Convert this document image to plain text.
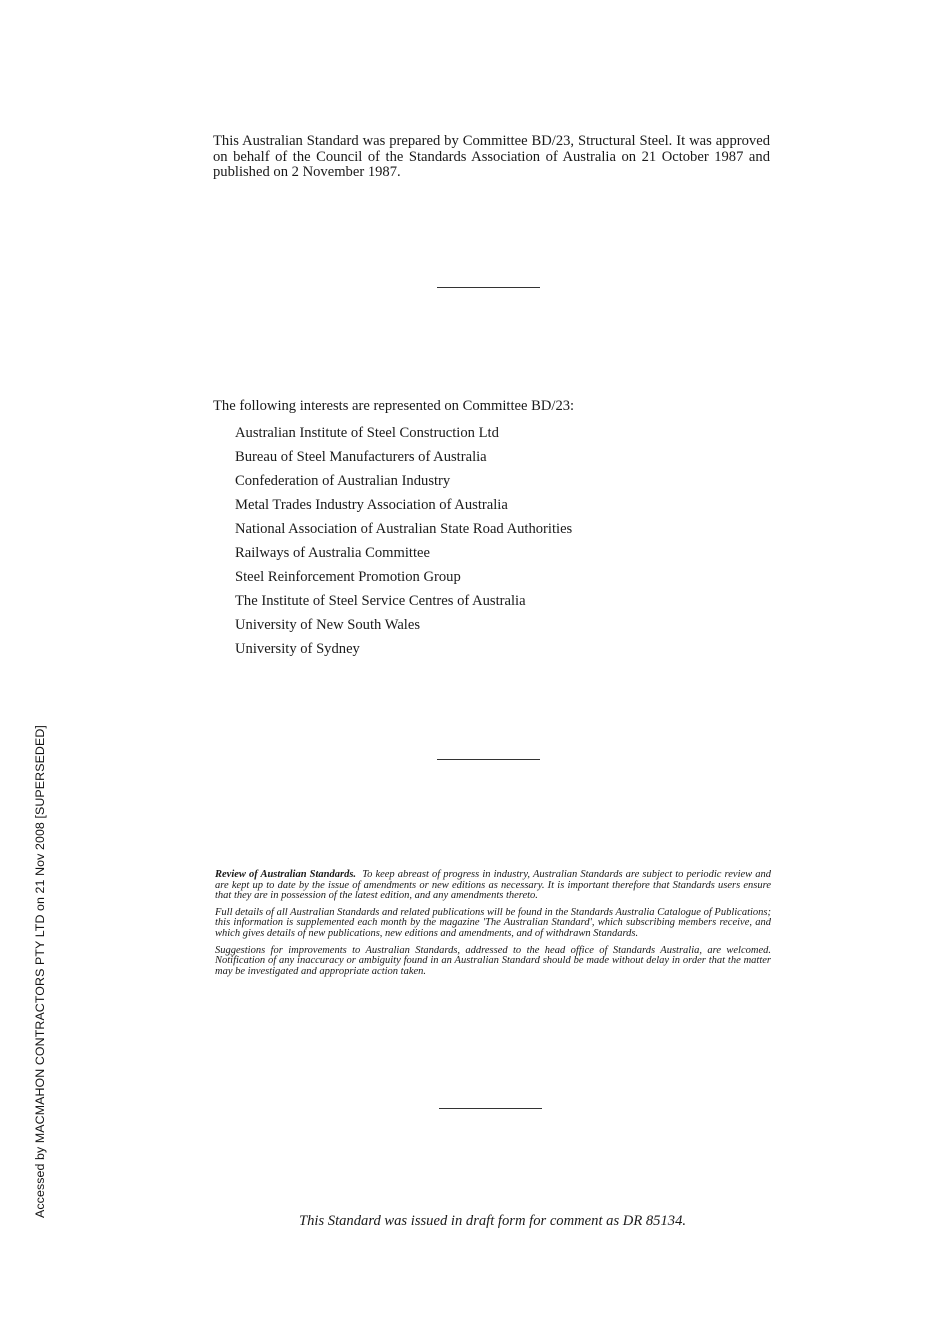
This Australian Standard was prepared by Committee BD/23, Structural Steel. It was approved on behalf of the Council of the Standards Association of Australia on 21 October 1987 and published on 2 November 1987.

The following interests are represented on Committee BD/23:

Australian Institute of Steel Construction Ltd
Bureau of Steel Manufacturers of Australia
Confederation of Australian Industry
Metal Trades Industry Association of Australia
National Association of Australian State Road Authorities
Railways of Australia Committee
Steel Reinforcement Promotion Group
The Institute of Steel Service Centres of Australia
University of New South Wales
University of Sydney

Review of Australian Standards. To keep abreast of progress in industry, Australian Standards are subject to periodic review and are kept up to date by the issue of amendments or new editions as necessary. It is important therefore that Standards users ensure that they are in possession of the latest edition, and any amendments thereto.

Full details of all Australian Standards and related publications will be found in the Standards Australia Catalogue of Publications; this information is supplemented each month by the magazine 'The Australian Standard', which subscribing members receive, and which gives details of new publications, new editions and amendments, and of withdrawn Standards.

Suggestions for improvements to Australian Standards, addressed to the head office of Standards Australia, are welcomed. Notification of any inaccuracy or ambiguity found in an Australian Standard should be made without delay in order that the matter may be investigated and appropriate action taken.

This Standard was issued in draft form for comment as DR 85134.
Accessed by MACMAHON CONTRACTORS PTY LTD on 21 Nov 2008 [SUPERSEDED]
